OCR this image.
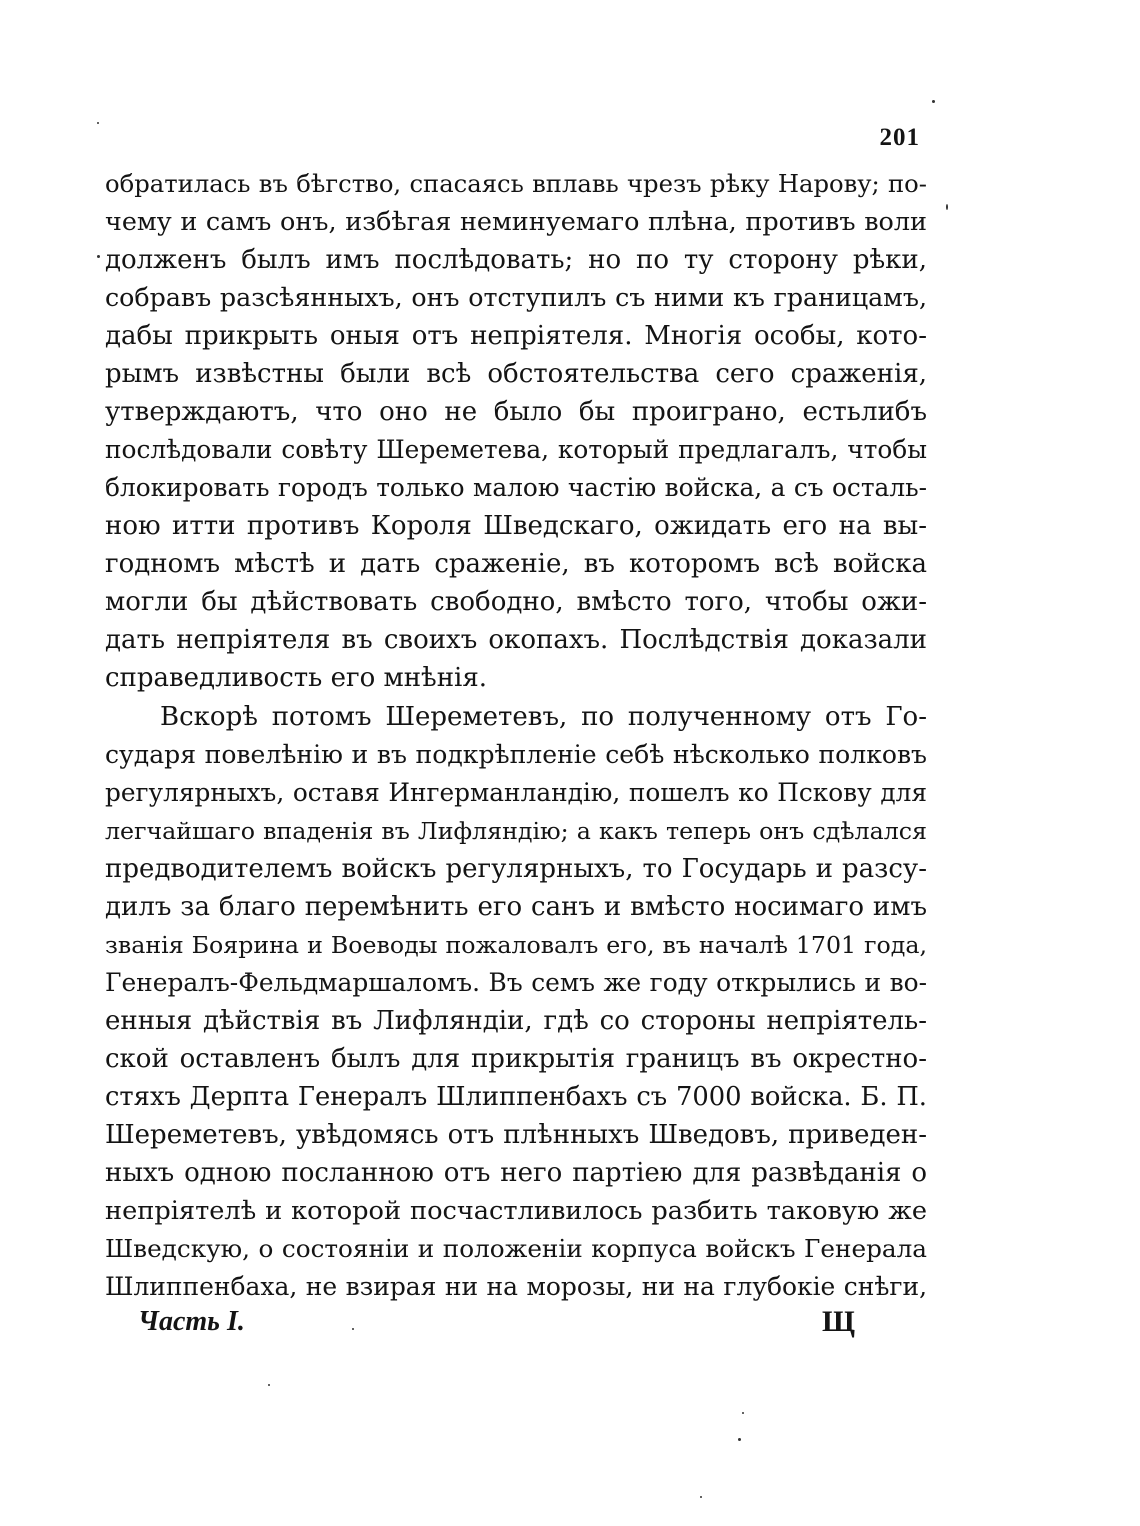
201
обратилась въ бѣгство, спасаясь вплавь чрезъ рѣку Нарову; по-
чему и самъ онъ, избѣгая неминуемаго плѣна, противъ воли
долженъ былъ имъ послѣдовать; но по ту сторону рѣки,
собравъ разсѣянныхъ, онъ отступилъ съ ними къ границамъ,
дабы прикрыть оныя отъ непріятеля. Многія особы, кото-
рымъ извѣстны были всѣ обстоятельства сего сраженія,
утверждаютъ, что оно не было бы проиграно, естьлибъ
послѣдовали совѣту Шереметева, который предлагалъ, чтобы
блокировать городъ только малою частію войска, а съ осталь-
ною итти противъ Короля Шведскаго, ожидать его на вы-
годномъ мѣстѣ и дать сраженіе, въ которомъ всѣ войска
могли бы дѣйствовать свободно, вмѣсто того, чтобы ожи-
дать непріятеля въ своихъ окопахъ. Послѣдствія доказали
справедливость его мнѣнія.
Вскорѣ потомъ Шереметевъ, по полученному отъ Го-
сударя повелѣнію и въ подкрѣпленіе себѣ нѣсколько полковъ
регулярныхъ, оставя Ингерманландію, пошелъ ко Пскову для
легчайшаго впаденія въ Лифляндію; а какъ теперь онъ сдѣлался
предводителемъ войскъ регулярныхъ, то Государь и разсу-
дилъ за благо перемѣнить его санъ и вмѣсто носимаго имъ
званія Боярина и Воеводы пожаловалъ его, въ началѣ 1701 года,
Генералъ-Фельдмаршаломъ. Въ семъ же году открылись и во-
енныя дѣйствія въ Лифляндіи, гдѣ со стороны непріятель-
ской оставленъ былъ для прикрытія границъ въ окрестно-
стяхъ Дерпта Генералъ Шлиппенбахъ съ 7000 войска. Б. П.
Шереметевъ, увѣдомясь отъ плѣнныхъ Шведовъ, приведен-
ныхъ одною посланною отъ него партіею для развѣданія о
непріятелѣ и которой посчастливилось разбить таковую же
Шведскую, о состояніи и положеніи корпуса войскъ Генерала
Шлиппенбаха, не взирая ни на морозы, ни на глубокіе снѣги,
Часть I.	Щ
